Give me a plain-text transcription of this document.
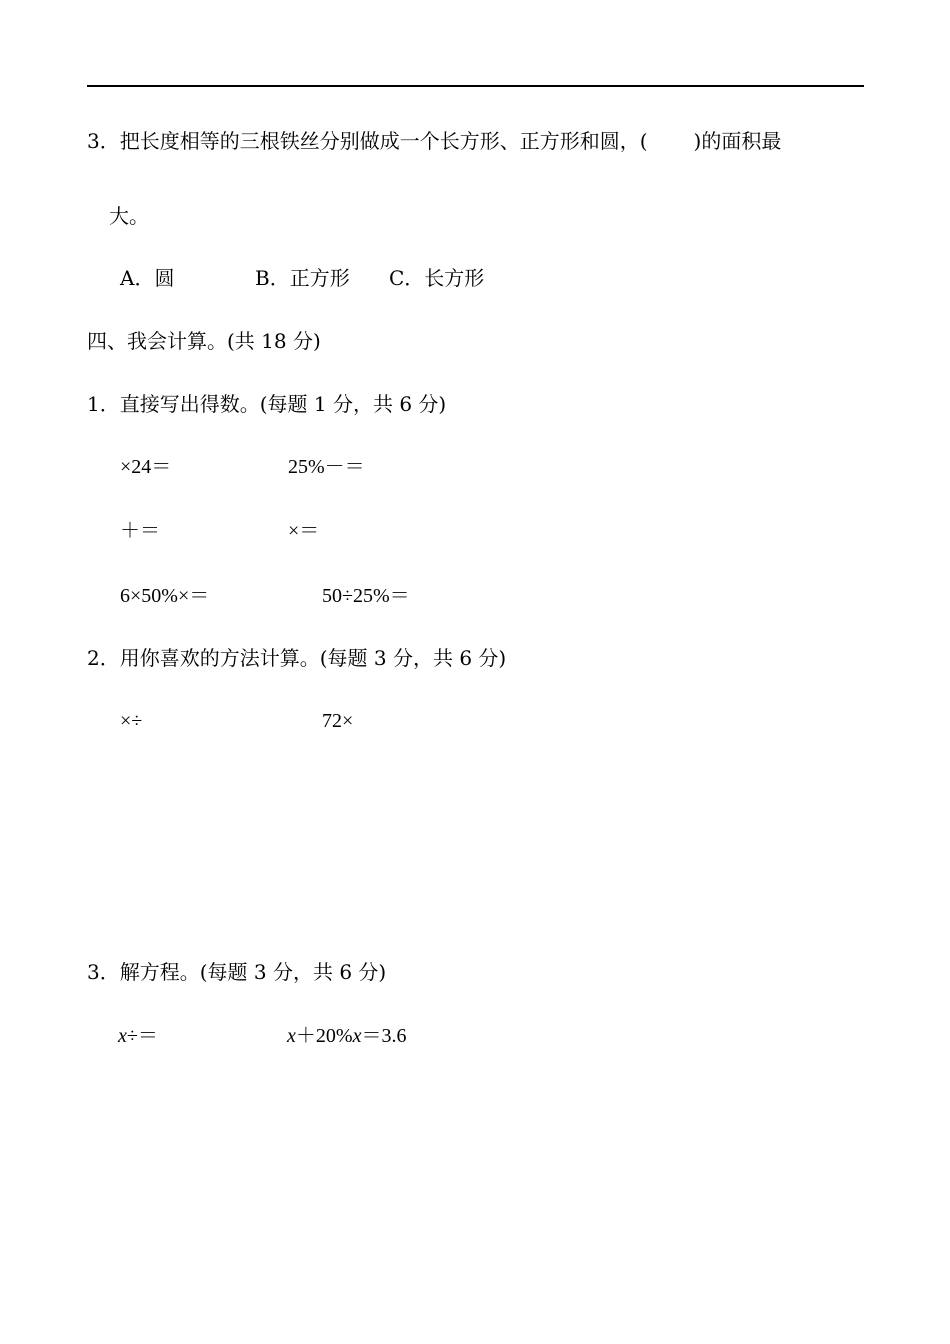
3．把长度相等的三根铁丝分别做成一个长方形、正方形和圆，( )的面积最
大。
A．圆	B．正方形 C．长方形
四、我会计算。(共 18 分)
1．直接写出得数。(每题 1 分，共 6 分)
×24＝	25%－＝
＋＝	×＝
6×50%×＝	50÷25%＝
2．用你喜欢的方法计算。(每题 3 分，共 6 分)
×÷	72×
3．解方程。(每题 3 分，共 6 分)
x÷＝	x＋20%x＝3.6
